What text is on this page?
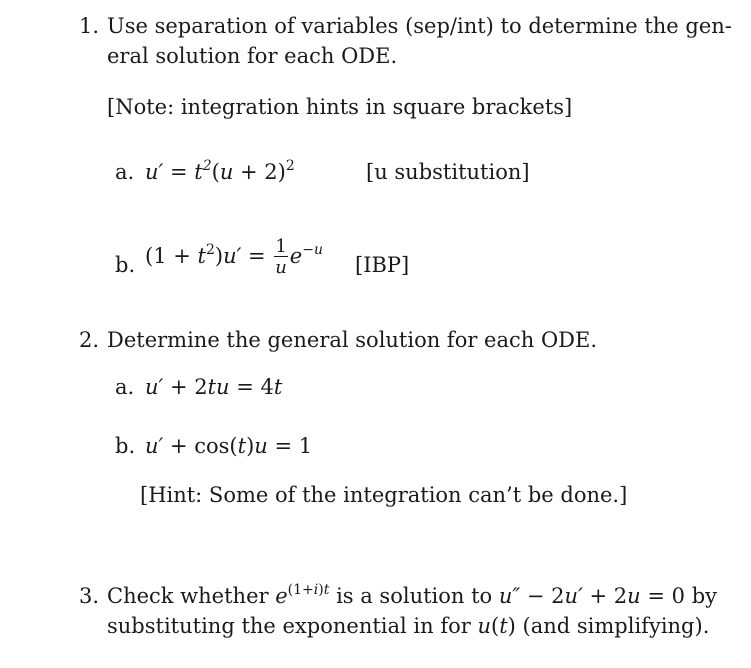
1. Use separation of variables (sep/int) to determine the gen-
eral solution for each ODE.
[Note: integration hints in square brackets]
a. $u' = t^2(u + 2)^2$	[u substitution]
b. $(1 + t^2)u' = \frac{1}{u} e^{-u}$
[IBP]
2. Determine the general solution for each ODE.
a. u′ + 2tu = 4t
b. u′ + cos(t)u = 1
[Hint: Some of the integration can’t be done.]
3. Check whether $e^{(1+i)t}$ is a solution to u″ − 2u′ + 2u = 0 by
substituting the exponential in for u(t) (and simplifying).
